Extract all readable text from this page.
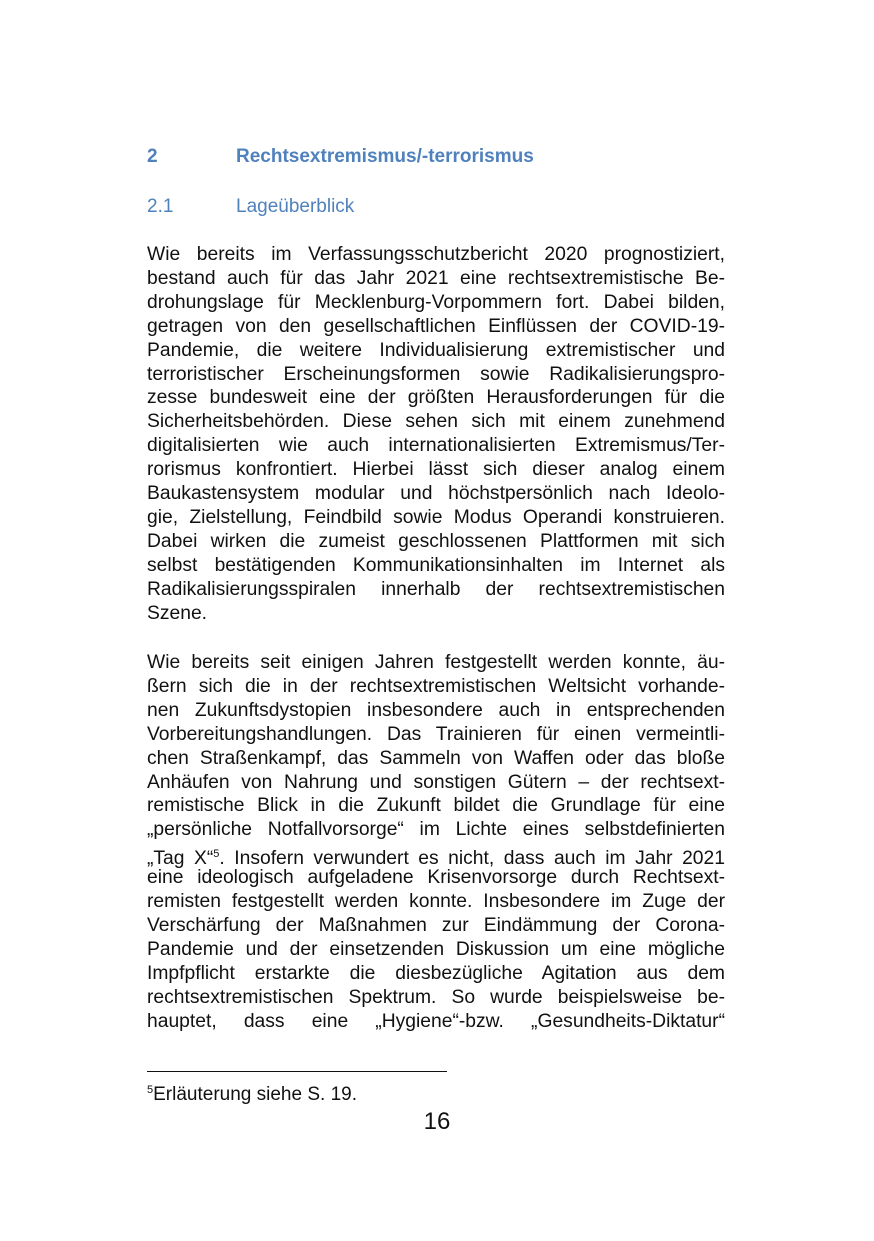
2	Rechtsextremismus/-terrorismus
2.1	Lageüberblick
Wie bereits im Verfassungsschutzbericht 2020 prognostiziert,
bestand auch für das Jahr 2021 eine rechtsextremistische Be-
drohungslage für Mecklenburg-Vorpommern fort. Dabei bilden,
getragen von den gesellschaftlichen Einflüssen der COVID-19-
Pandemie, die weitere Individualisierung extremistischer und
terroristischer Erscheinungsformen sowie Radikalisierungspro-
zesse bundesweit eine der größten Herausforderungen für die
Sicherheitsbehörden. Diese sehen sich mit einem zunehmend
digitalisierten wie auch internationalisierten Extremismus/Ter-
rorismus konfrontiert. Hierbei lässt sich dieser analog einem
Baukastensystem modular und höchstpersönlich nach Ideolo-
gie, Zielstellung, Feindbild sowie Modus Operandi konstruieren.
Dabei wirken die zumeist geschlossenen Plattformen mit sich
selbst bestätigenden Kommunikationsinhalten im Internet als
Radikalisierungsspiralen innerhalb der rechtsextremistischen
Szene.
Wie bereits seit einigen Jahren festgestellt werden konnte, äu-
ßern sich die in der rechtsextremistischen Weltsicht vorhande-
nen Zukunftsdystopien insbesondere auch in entsprechenden
Vorbereitungshandlungen. Das Trainieren für einen vermeintli-
chen Straßenkampf, das Sammeln von Waffen oder das bloße
Anhäufen von Nahrung und sonstigen Gütern – der rechtsext-
remistische Blick in die Zukunft bildet die Grundlage für eine
„persönliche Notfallvorsorge“ im Lichte eines selbstdefinierten
„Tag X“$^5$. Insofern verwundert es nicht, dass auch im Jahr 2021
eine ideologisch aufgeladene Krisenvorsorge durch Rechtsext-
remisten festgestellt werden konnte. Insbesondere im Zuge der
Verschärfung der Maßnahmen zur Eindämmung der Corona-
Pandemie und der einsetzenden Diskussion um eine mögliche
Impfpflicht erstarkte die diesbezügliche Agitation aus dem
rechtsextremistischen Spektrum. So wurde beispielsweise be-
hauptet, dass eine „Hygiene“-bzw. „Gesundheits-Diktatur“
$^5$Erläuterung siehe S. 19.
16
